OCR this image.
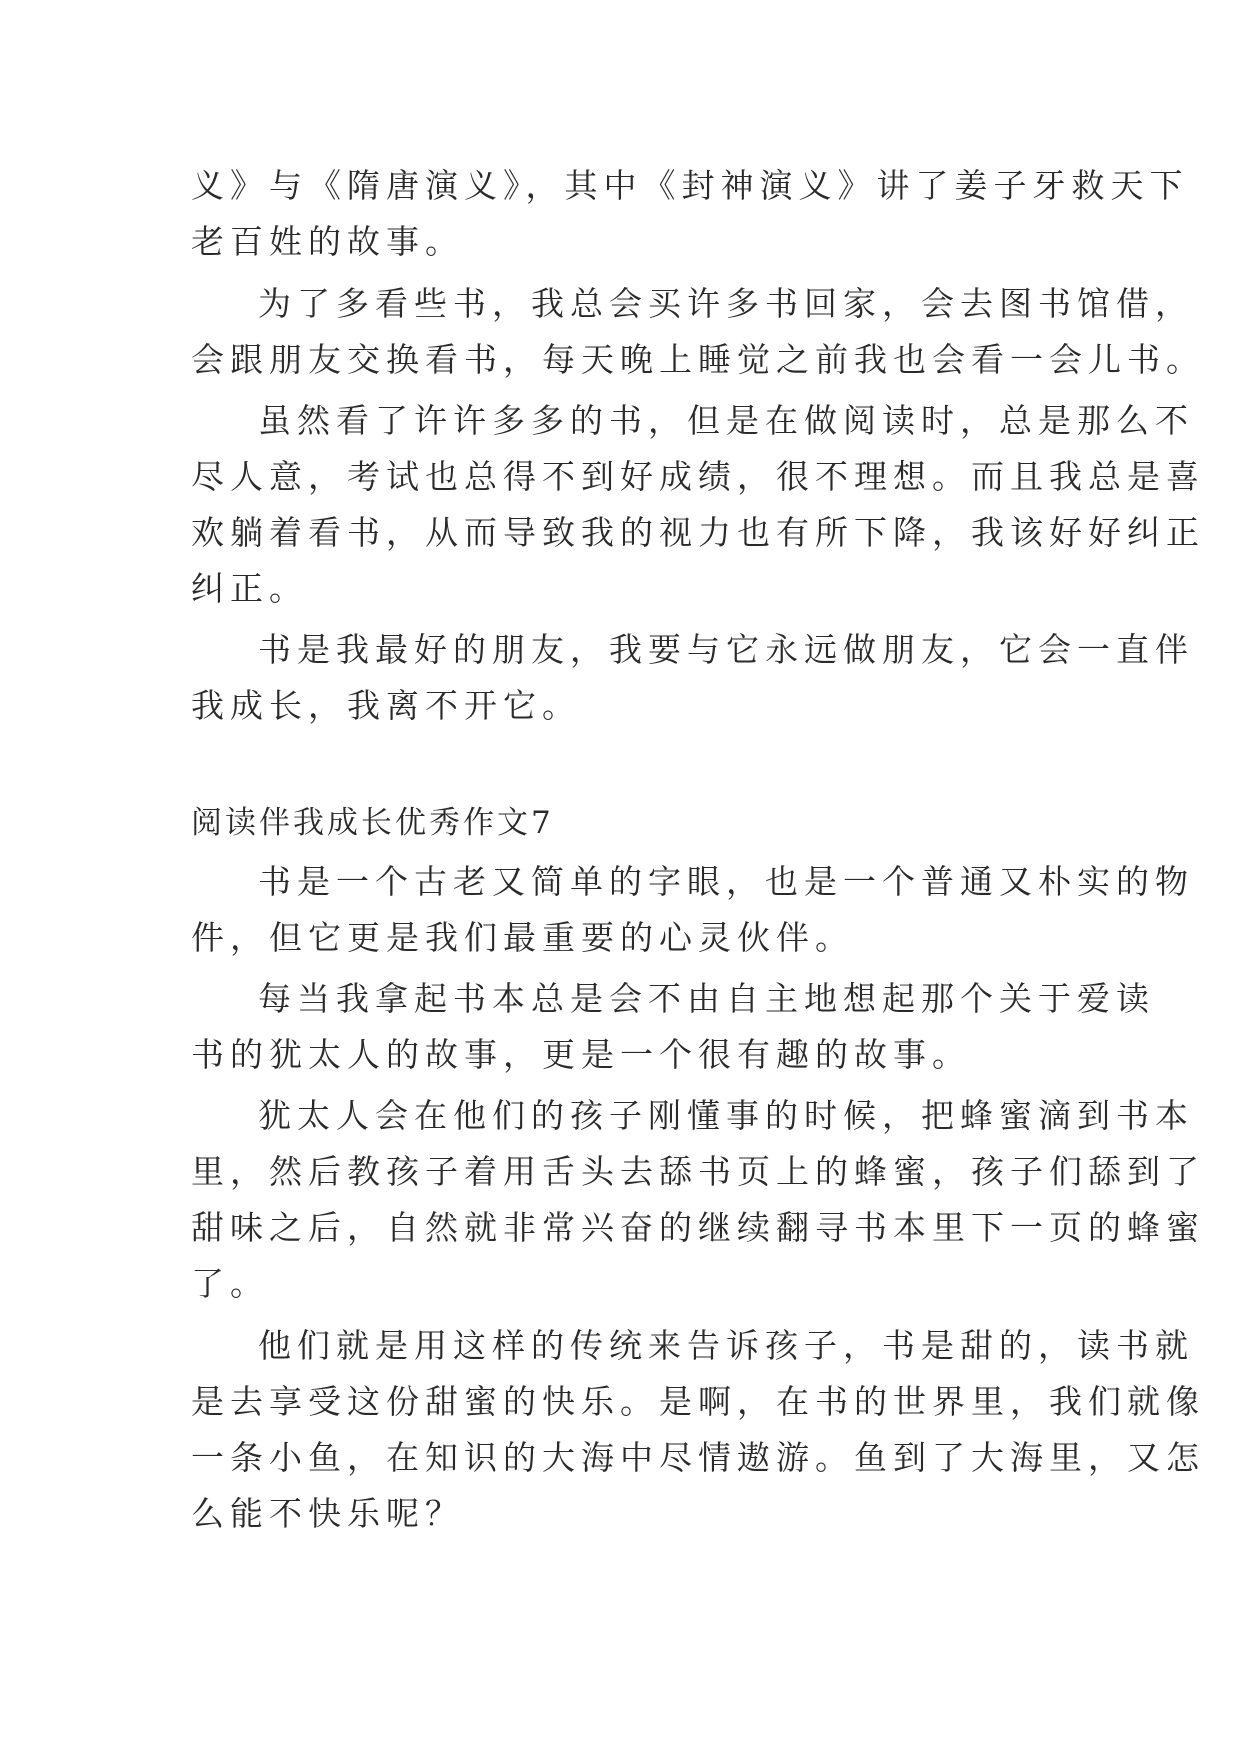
义》与《隋唐演义》，其中《封神演义》讲了姜子牙救天下
老百姓的故事。
为了多看些书，我总会买许多书回家，会去图书馆借，
会跟朋友交换看书，每天晚上睡觉之前我也会看一会儿书。
虽然看了许许多多的书，但是在做阅读时，总是那么不
尽人意，考试也总得不到好成绩，很不理想。而且我总是喜
欢躺着看书，从而导致我的视力也有所下降，我该好好纠正
纠正。
书是我最好的朋友，我要与它永远做朋友，它会一直伴
我成长，我离不开它。
阅读伴我成长优秀作文7
书是一个古老又简单的字眼，也是一个普通又朴实的物
件，但它更是我们最重要的心灵伙伴。
每当我拿起书本总是会不由自主地想起那个关于爱读
书的犹太人的故事，更是一个很有趣的故事。
犹太人会在他们的孩子刚懂事的时候，把蜂蜜滴到书本
里，然后教孩子着用舌头去舔书页上的蜂蜜，孩子们舔到了
甜味之后，自然就非常兴奋的继续翻寻书本里下一页的蜂蜜
了。
他们就是用这样的传统来告诉孩子，书是甜的，读书就
是去享受这份甜蜜的快乐。是啊，在书的世界里，我们就像
一条小鱼，在知识的大海中尽情遨游。鱼到了大海里，又怎
么能不快乐呢？
